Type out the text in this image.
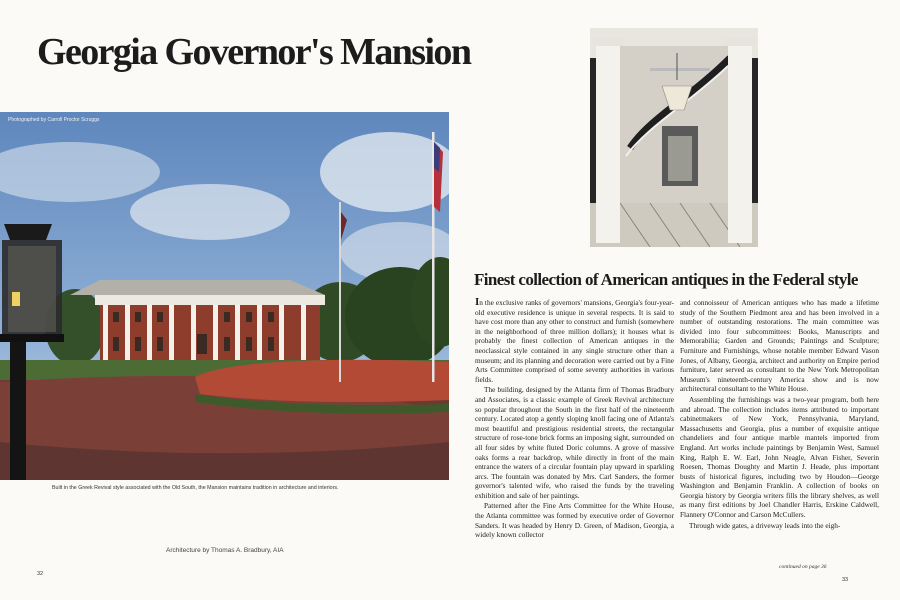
Georgia Governor's Mansion
Photographed by Carroll Proctor Scruggs
Built in the Greek Revival style associated with the Old South, the Mansion maintains tradition in architecture and interiors.
Architecture by Thomas A. Bradbury, AIA
32
33
Finest collection of American antiques in the Federal style

In the exclusive ranks of governors' mansions, Georgia's four-year-old executive residence is unique in several respects. It is said to have cost more than any other to construct and furnish (somewhere in the neighborhood of three million dollars); it houses what is probably the finest collection of American antiques in the neoclassical style contained in any single structure other than a museum; and its planning and decoration were carried out by a Fine Arts Committee comprised of some seventy authorities in various fields.

The building, designed by the Atlanta firm of Thomas Bradbury and Associates, is a classic example of Greek Revival architecture so popular throughout the South in the first half of the nineteenth century. Located atop a gently sloping knoll facing one of Atlanta's most beautiful and prestigious residential streets, the rectangular structure of rose-tone brick forms an imposing sight, surrounded on all four sides by white fluted Doric columns. A grove of massive oaks forms a rear backdrop, while directly in front of the main entrance the waters of a circular fountain play upward in sparkling arcs. The fountain was donated by Mrs. Carl Sanders, the former governor's talented wife, who raised the funds by the traveling exhibition and sale of her paintings.

Patterned after the Fine Arts Committee for the White House, the Atlanta committee was formed by executive order of Governor Sanders. It was headed by Henry D. Green, of Madison, Georgia, a widely known collector

and connoisseur of American antiques who has made a lifetime study of the Southern Piedmont area and has been involved in a number of outstanding restorations. The main committee was divided into four subcommittees: Books, Manuscripts and Memorabilia; Garden and Grounds; Paintings and Sculpture; Furniture and Furnishings, whose notable member Edward Vason Jones, of Albany, Georgia, architect and authority on Empire period furniture, later served as consultant to the New York Metropolitan Museum's nineteenth-century America show and is now architectural consultant to the White House.

Assembling the furnishings was a two-year program, both here and abroad. The collection includes items attributed to important cabinetmakers of New York, Pennsylvania, Maryland, Massachusetts and Georgia, plus a number of exquisite antique chandeliers and four antique marble mantels imported from England. Art works include paintings by Benjamin West, Samuel King, Ralph E. W. Earl, John Neagle, Alvan Fisher, Severin Roesen, Thomas Doughty and Martin J. Heade, plus important busts of historical figures, including two by Houdon—George Washington and Benjamin Franklin. A collection of books on Georgia history by Georgia writers fills the library shelves, as well as many first editions by Joel Chandler Harris, Erskine Caldwell, Flannery O'Connor and Carson McCullers.

Through wide gates, a driveway leads into the eigh-

continued on page 36
